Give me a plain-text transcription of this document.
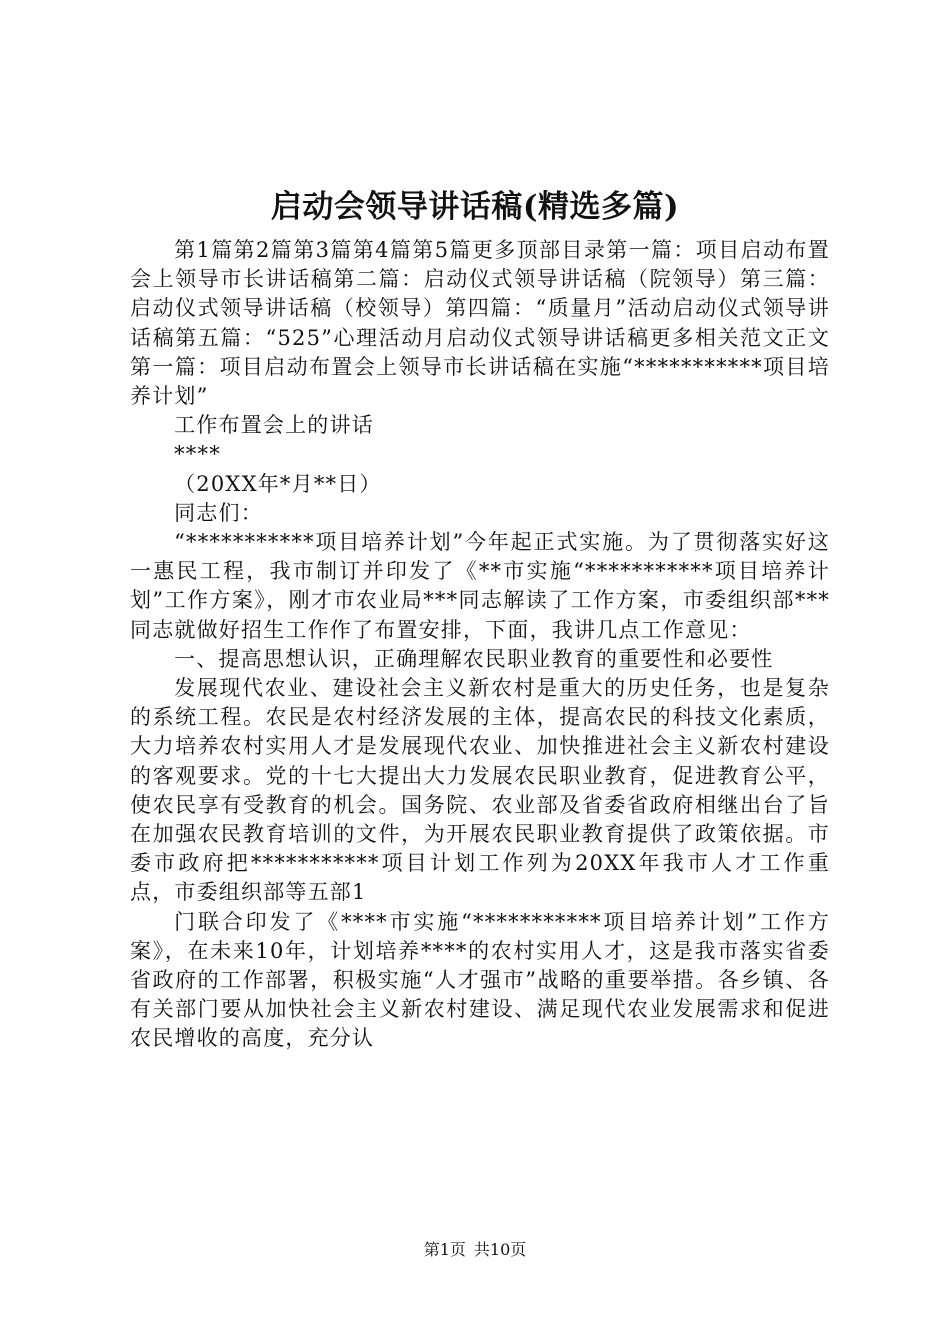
启动会领导讲话稿(精选多篇)

第1篇第2篇第3篇第4篇第5篇更多顶部目录第一篇：项目启动布置会上领导市长讲话稿第二篇：启动仪式领导讲话稿（院领导）第三篇：启动仪式领导讲话稿（校领导）第四篇：“质量月”活动启动仪式领导讲话稿第五篇：“525”心理活动月启动仪式领导讲话稿更多相关范文正文第一篇：项目启动布置会上领导市长讲话稿在实施“***********项目培养计划”

工作布置会上的讲话

****

（20XX年*月**日）

同志们：

“***********项目培养计划”今年起正式实施。为了贯彻落实好这一惠民工程，我市制订并印发了《**市实施“***********项目培养计划”工作方案》，刚才市农业局***同志解读了工作方案，市委组织部***同志就做好招生工作作了布置安排，下面，我讲几点工作意见：

一、提高思想认识，正确理解农民职业教育的重要性和必要性

发展现代农业、建设社会主义新农村是重大的历史任务，也是复杂的系统工程。农民是农村经济发展的主体，提高农民的科技文化素质，大力培养农村实用人才是发展现代农业、加快推进社会主义新农村建设的客观要求。党的十七大提出大力发展农民职业教育，促进教育公平，使农民享有受教育的机会。国务院、农业部及省委省政府相继出台了旨在加强农民教育培训的文件，为开展农民职业教育提供了政策依据。市委市政府把***********项目计划工作列为20XX年我市人才工作重点，市委组织部等五部1

门联合印发了《****市实施“***********项目培养计划”工作方案》，在未来10年，计划培养****的农村实用人才，这是我市落实省委省政府的工作部署，积极实施“人才强市”战略的重要举措。各乡镇、各有关部门要从加快社会主义新农村建设、满足现代农业发展需求和促进农民增收的高度，充分认

第1页 共10页
